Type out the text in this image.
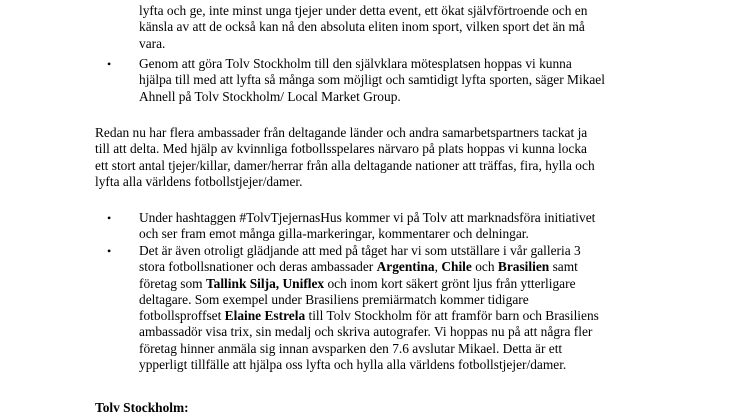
lyfta och ge, inte minst unga tjejer under detta event, ett ökat självförtroende och en
känsla av att de också kan nå den absoluta eliten inom sport, vilken sport det än må
vara.

•	Genom att göra Tolv Stockholm till den självklara mötesplatsen hoppas vi kunna
hjälpa till med att lyfta så många som möjligt och samtidigt lyfta sporten, säger Mikael
Ahnell på Tolv Stockholm/ Local Market Group.

Redan nu har flera ambassader från deltagande länder och andra samarbetspartners tackat ja
till att delta. Med hjälp av kvinnliga fotbollsspelares närvaro på plats hoppas vi kunna locka
ett stort antal tjejer/killar, damer/herrar från alla deltagande nationer att träffas, fira, hylla och
lyfta alla världens fotbollstjejer/damer.

•	Under hashtaggen #TolvTjejernasHus kommer vi på Tolv att marknadsföra initiativet
och ser fram emot många gilla-markeringar, kommentarer och delningar.

•	Det är även otroligt glädjande att med på tåget har vi som utställare i vår galleria 3
stora fotbollsnationer och deras ambassader Argentina, Chile och Brasilien samt
företag som Tallink Silja, Uniflex och inom kort säkert grönt ljus från ytterligare
deltagare. Som exempel under Brasiliens premiärmatch kommer tidigare
fotbollsproffset Elaine Estrela till Tolv Stockholm för att framför barn och Brasiliens
ambassadör visa trix, sin medalj och skriva autografer. Vi hoppas nu på att några fler
företag hinner anmäla sig innan avsparken den 7.6 avslutar Mikael. Detta är ett
ypperligt tillfälle att hjälpa oss lyfta och hylla alla världens fotbollstjejer/damer.

Tolv Stockholm:
